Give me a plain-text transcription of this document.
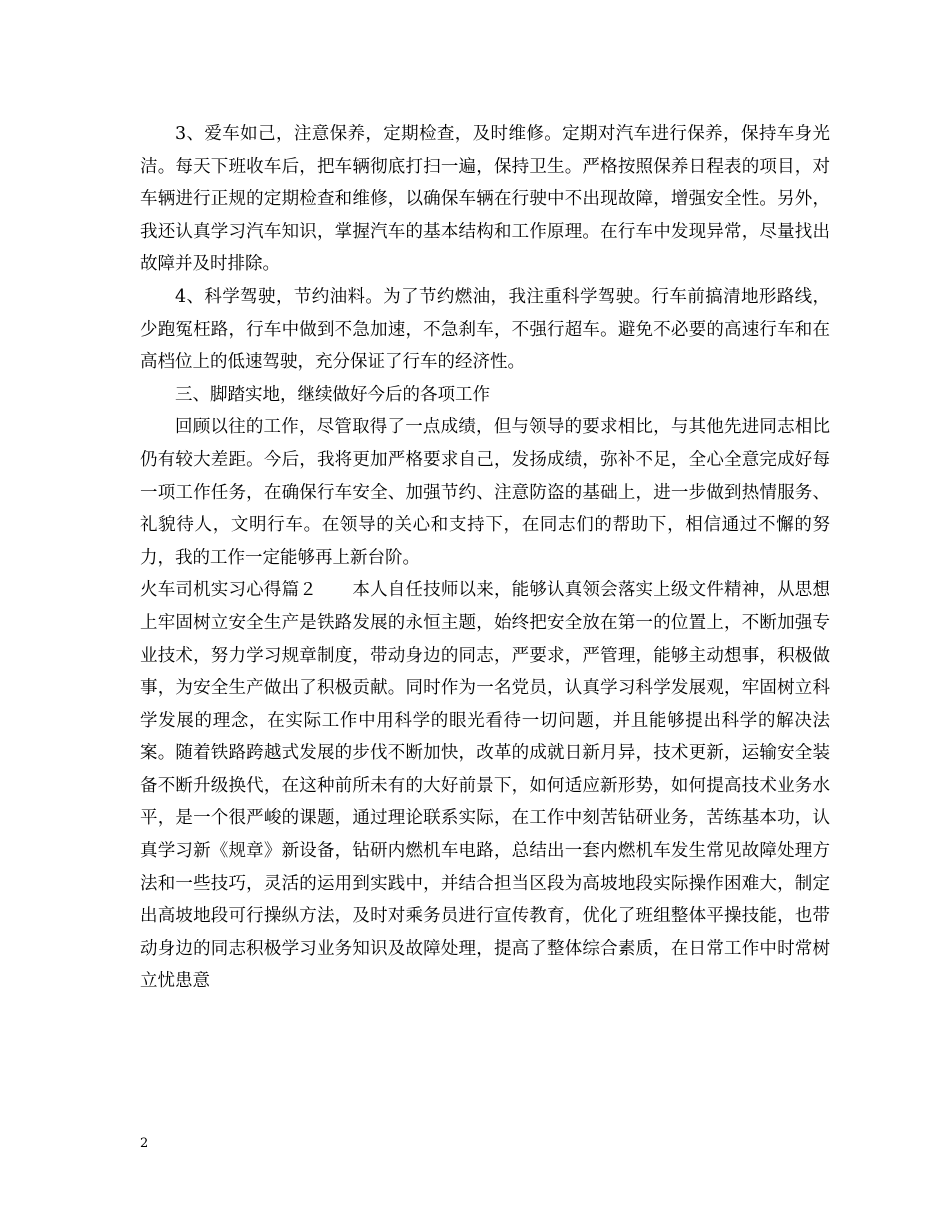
3、爱车如己，注意保养，定期检查，及时维修。定期对汽车进行保养，保持车身光洁。每天下班收车后，把车辆彻底打扫一遍，保持卫生。严格按照保养日程表的项目，对车辆进行正规的定期检查和维修，以确保车辆在行驶中不出现故障，增强安全性。另外，我还认真学习汽车知识，掌握汽车的基本结构和工作原理。在行车中发现异常，尽量找出故障并及时排除。

4、科学驾驶，节约油料。为了节约燃油，我注重科学驾驶。行车前搞清地形路线，少跑冤枉路，行车中做到不急加速，不急刹车，不强行超车。避免不必要的高速行车和在高档位上的低速驾驶，充分保证了行车的经济性。

三、脚踏实地，继续做好今后的各项工作

回顾以往的工作，尽管取得了一点成绩，但与领导的要求相比，与其他先进同志相比仍有较大差距。今后，我将更加严格要求自己，发扬成绩，弥补不足，全心全意完成好每一项工作任务，在确保行车安全、加强节约、注意防盗的基础上，进一步做到热情服务、礼貌待人，文明行车。在领导的关心和支持下，在同志们的帮助下，相信通过不懈的努力，我的工作一定能够再上新台阶。

火车司机实习心得篇２　　本人自任技师以来，能够认真领会落实上级文件精神，从思想上牢固树立安全生产是铁路发展的永恒主题，始终把安全放在第一的位置上，不断加强专业技术，努力学习规章制度，带动身边的同志，严要求，严管理，能够主动想事，积极做事，为安全生产做出了积极贡献。同时作为一名党员，认真学习科学发展观，牢固树立科学发展的理念，在实际工作中用科学的眼光看待一切问题，并且能够提出科学的解决法案。随着铁路跨越式发展的步伐不断加快，改革的成就日新月异，技术更新，运输安全装备不断升级换代，在这种前所未有的大好前景下，如何适应新形势，如何提高技术业务水平，是一个很严峻的课题，通过理论联系实际，在工作中刻苦钻研业务，苦练基本功，认真学习新《规章》新设备，钻研内燃机车电路，总结出一套内燃机车发生常见故障处理方法和一些技巧，灵活的运用到实践中，并结合担当区段为高坡地段实际操作困难大，制定出高坡地段可行操纵方法，及时对乘务员进行宣传教育，优化了班组整体平操技能，也带动身边的同志积极学习业务知识及故障处理，提高了整体综合素质，在日常工作中时常树立忧患意

2
